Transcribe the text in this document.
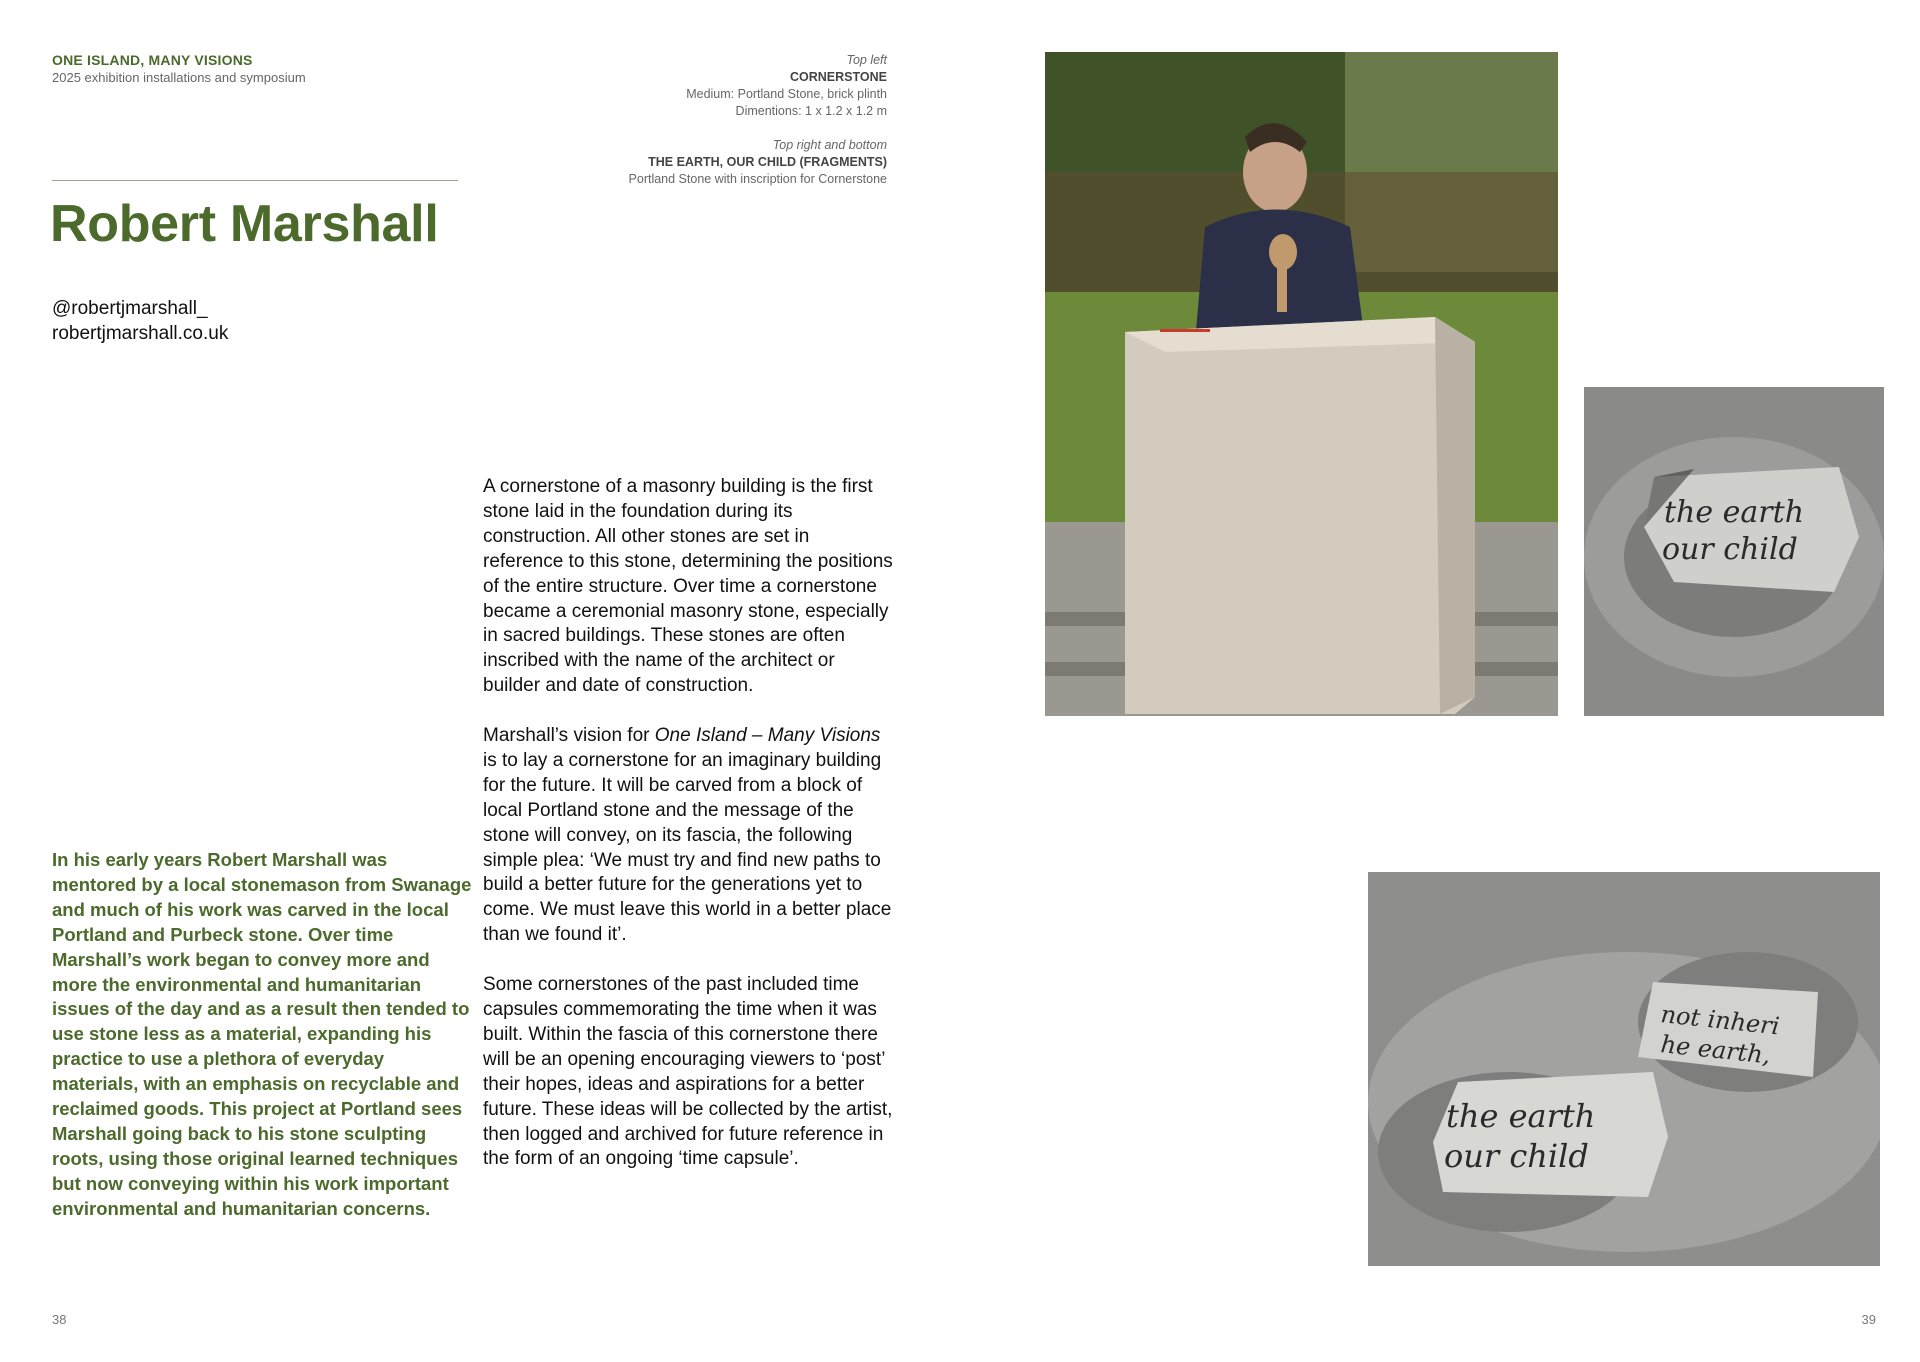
ONE ISLAND, MANY VISIONS
2025 exhibition installations and symposium
Top left
CORNERSTONE
Medium: Portland Stone, brick plinth
Dimentions: 1 x 1.2 x 1.2 m
Top right and bottom
THE EARTH, OUR CHILD (FRAGMENTS)
Portland Stone with inscription for Cornerstone
Robert Marshall
@robertjmarshall_
robertjmarshall.co.uk
In his early years Robert Marshall was mentored by a local stonemason from Swanage and much of his work was carved in the local Portland and Purbeck stone. Over time Marshall’s work began to convey more and more the environmental and humanitarian issues of the day and as a result then tended to use stone less as a material, expanding his practice to use a plethora of everyday materials, with an emphasis on recyclable and reclaimed goods. This project at Portland sees Marshall going back to his stone sculpting roots, using those original learned techniques but now conveying within his work important environmental and humanitarian concerns.

A cornerstone of a masonry building is the first stone laid in the foundation during its construction. All other stones are set in reference to this stone, determining the positions of the entire structure. Over time a cornerstone became a ceremonial masonry stone, especially in sacred buildings. These stones are often inscribed with the name of the architect or builder and date of construction.

Marshall’s vision for One Island – Many Visions is to lay a cornerstone for an imaginary building for the future. It will be carved from a block of local Portland stone and the message of the stone will convey, on its fascia, the following simple plea: ‘We must try and find new paths to build a better future for the generations yet to come. We must leave this world in a better place than we found it’.

Some cornerstones of the past included time capsules commemorating the time when it was built. Within the fascia of this cornerstone there will be an opening encouraging viewers to ‘post’ their hopes, ideas and aspirations for a better future. These ideas will be collected by the artist, then logged and archived for future reference in the form of an ongoing ‘time capsule’.

the earth
our child
not inheri
he earth,
the earth
our child
38	39
